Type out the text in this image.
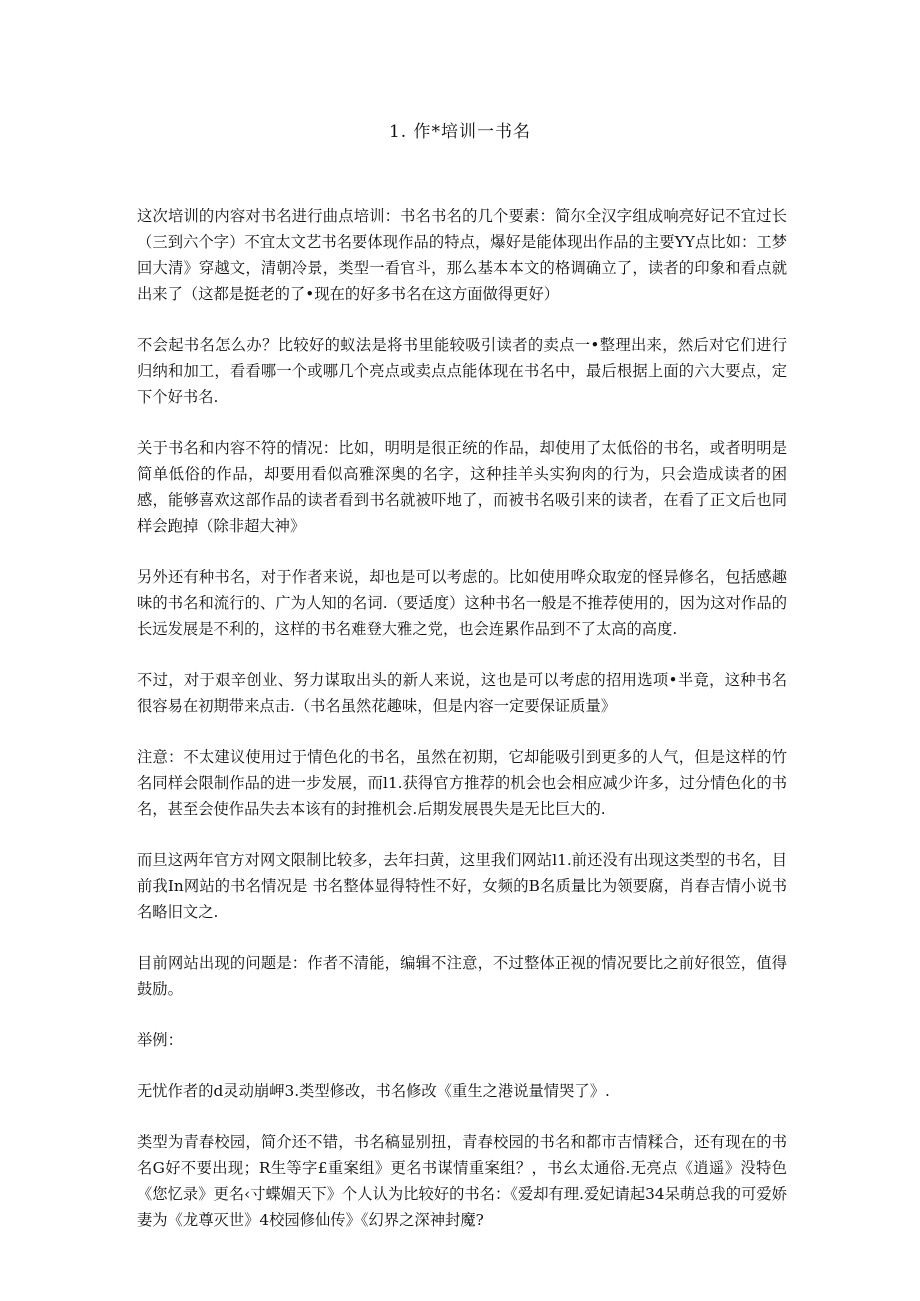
1. 作*培训一书名

这次培训的内容对书名进行曲点培训：书名书名的几个要素：简尔全汉字组成响亮好记不宜过长（三到六个字）不宜太文艺书名要体现作品的特点，爆好是能体现出作品的主要YY点比如：工梦回大清》穿越文，清朝冷景，类型一看官斗，那么基本本文的格调确立了，读者的印象和看点就出来了（这都是挺老的了•现在的好多书名在这方面做得更好）

不会起书名怎么办？比较好的蚁法是将书里能较吸引读者的卖点一•整理出来，然后对它们进行归纳和加工，看看哪一个或哪几个亮点或卖点点能体现在书名中，最后根据上面的六大要点，定下个好书名.

关于书名和内容不符的情况：比如，明明是很正统的作品，却使用了太低俗的书名，或者明明是简单低俗的作品，却要用看似高雅深奥的名字，这种挂羊头实狗肉的行为，只会造成读者的困感，能够喜欢这部作品的读者看到书名就被吓地了，而被书名吸引来的读者，在看了正文后也同样会跑掉（除非超大神》

另外还有种书名，对于作者来说，却也是可以考虑的。比如使用哗众取宠的怪异修名，包括感趣味的书名和流行的、广为人知的名词.（要适度）这种书名一般是不推荐使用的，因为这对作品的长远发展是不利的，这样的书名难登大雅之党，也会连累作品到不了太高的高度.

不过，对于艰辛创业、努力谋取出头的新人来说，这也是可以考虑的招用选项•半竟，这种书名很容易在初期带来点击.（书名虽然花趣味，但是内容一定要保证质量》

注意：不太建议使用过于情色化的书名，虽然在初期，它却能吸引到更多的人气，但是这样的竹名同样会限制作品的进一步发展，而l1.获得官方推荐的机会也会相应减少许多，过分情色化的书名，甚至会使作品失去本该有的封推机会.后期发展畏失是无比巨大的.

而旦这两年官方对网文限制比较多，去年扫黄，这里我们网站l1.前还没有出现这类型的书名，目前我In网站的书名情况是 书名整体显得特性不好，女频的B名质量比为领要腐，肖春吉情小说书名略旧文之.

目前网站出现的问题是：作者不清能，编辑不注意，不过整体正视的情况要比之前好很笠，值得鼓励。

举例：

无忧作者的d灵动崩岬3.类型修改，书名修改《重生之港说量情哭了》.

类型为青春校园，简介还不错，书名稿显别扭，青春校园的书名和都市吉情糅合，还有现在的书名G好不要出现；R生等字£重案组》更名书谋情重案组？，书幺太通俗.无亮点《逍遥》没特色《您忆录》更名‹寸蝶媚天下》个人认为比较好的书名：《爱却有理.爱妃请起34呆萌总我的可爱娇妻为《龙尊灭世》4校园修仙传》《幻界之深神封魔?
